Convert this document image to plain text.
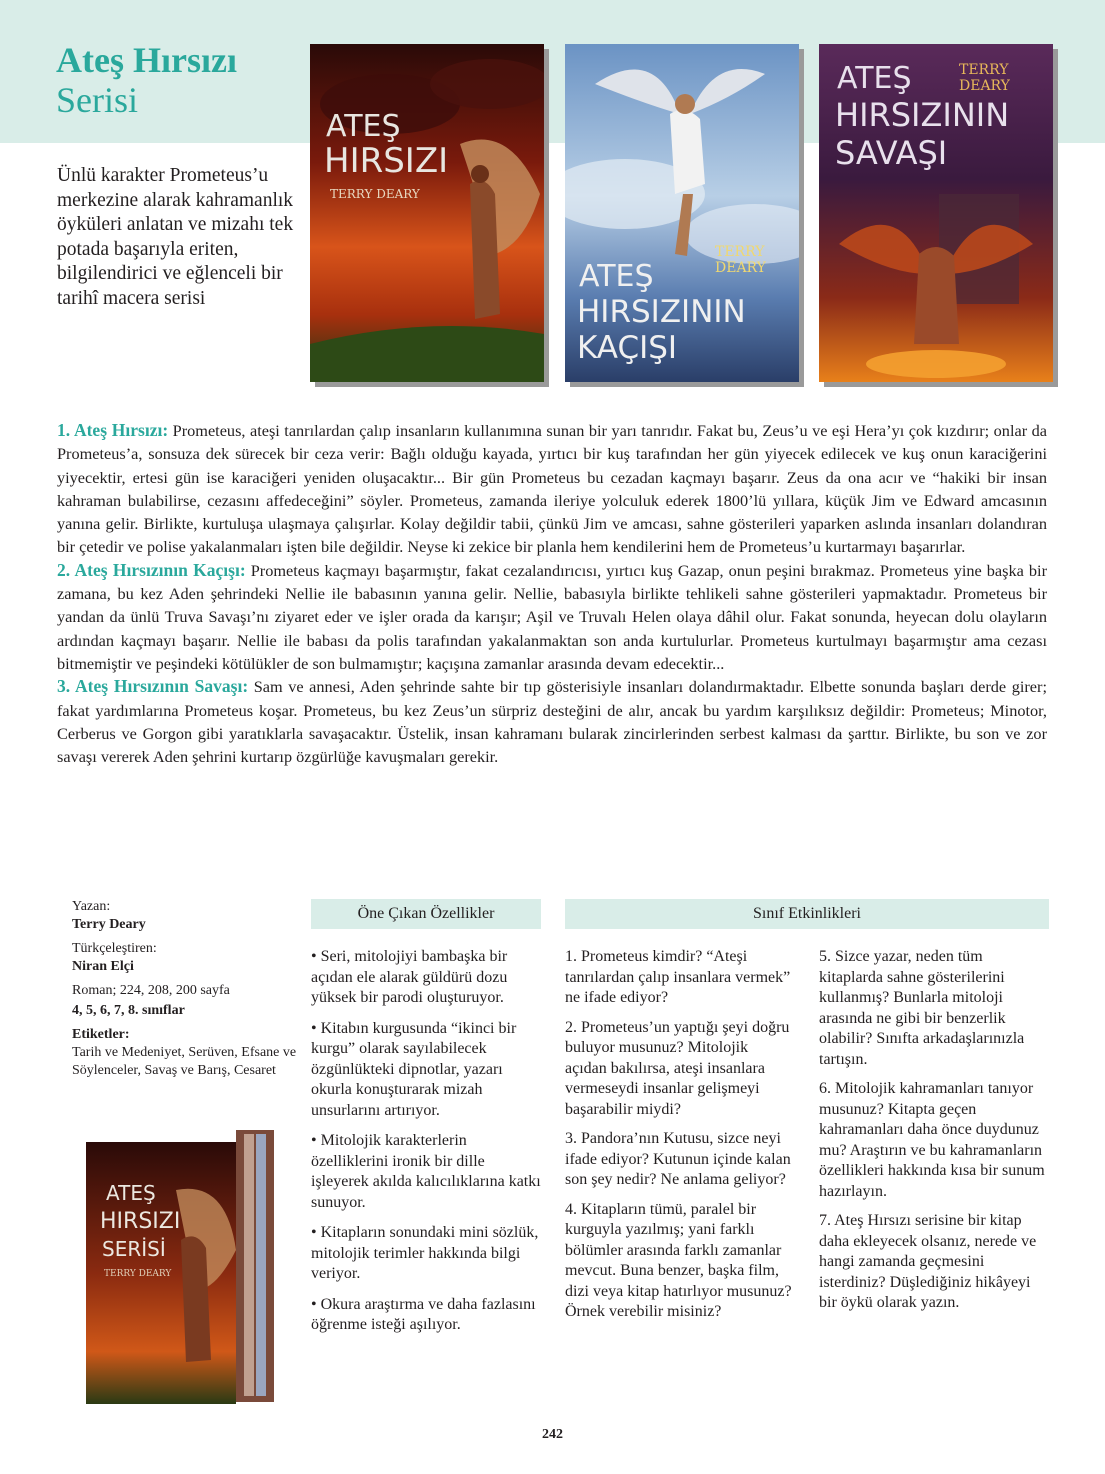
Ateş Hırsızı
Serisi
Ünlü karakter Prometeus’u merkezine alarak kahramanlık öyküleri anlatan ve mizahı tek potada başarıyla eriten, bilgilendirici ve eğlenceli bir tarihî macera serisi
ATEŞ
HIRSIZI
TERRY DEARY
ATEŞ
HIRSIZININ
KAÇIŞI
TERRY
DEARY
ATEŞ
HIRSIZININ
SAVAŞI
TERRY
DEARY

1. Ateş Hırsızı: Prometeus, ateşi tanrılardan çalıp insanların kullanımına sunan bir yarı tanrıdır. Fakat bu, Zeus’u ve eşi Hera’yı çok kızdırır; onlar da Prometeus’a, sonsuza dek sürecek bir ceza verir: Bağlı olduğu kayada, yırtıcı bir kuş tarafından her gün yiyecek edilecek ve kuş onun karaciğerini yiyecektir, ertesi gün ise karaciğeri yeniden oluşacaktır... Bir gün Prometeus bu cezadan kaçmayı başarır. Zeus da ona acır ve “hakiki bir insan kahraman bulabilirse, cezasını affedeceğini” söyler. Prometeus, zamanda ileriye yolculuk ederek 1800’lü yıllara, küçük Jim ve Edward amcasının yanına gelir. Birlikte, kurtuluşa ulaşmaya çalışırlar. Kolay değildir tabii, çünkü Jim ve amcası, sahne gösterileri yaparken aslında insanları dolandıran bir çetedir ve polise yakalanmaları işten bile değildir. Neyse ki zekice bir planla hem kendilerini hem de Prometeus’u kurtarmayı başarırlar.

2. Ateş Hırsızının Kaçışı: Prometeus kaçmayı başarmıştır, fakat cezalandırıcısı, yırtıcı kuş Gazap, onun peşini bırakmaz. Prometeus yine başka bir zamana, bu kez Aden şehrindeki Nellie ile babasının yanına gelir. Nellie, babasıyla birlikte tehlikeli sahne gösterileri yapmaktadır. Prometeus bir yandan da ünlü Truva Savaşı’nı ziyaret eder ve işler orada da karışır; Aşil ve Truvalı Helen olaya dâhil olur. Fakat sonunda, heyecan dolu olayların ardından kaçmayı başarır. Nellie ile babası da polis tarafından yakalanmaktan son anda kurtulurlar. Prometeus kurtulmayı başarmıştır ama cezası bitmemiştir ve peşindeki kötülükler de son bulmamıştır; kaçışına zamanlar arasında devam edecektir...

3. Ateş Hırsızının Savaşı: Sam ve annesi, Aden şehrinde sahte bir tıp gösterisiyle insanları dolandırmaktadır. Elbette sonunda başları derde girer; fakat yardımlarına Prometeus koşar. Prometeus, bu kez Zeus’un sürpriz desteğini de alır, ancak bu yardım karşılıksız değildir: Prometeus; Minotor, Cerberus ve Gorgon gibi yaratıklarla savaşacaktır. Üstelik, insan kahramanı bularak zincirlerinden serbest kalması da şarttır. Birlikte, bu son ve zor savaşı vererek Aden şehrini kurtarıp özgürlüğe kavuşmaları gerekir.

Yazan:
Terry Deary
Türkçeleştiren:
Niran Elçi
Roman; 224, 208, 200 sayfa
4, 5, 6, 7, 8. sınıflar
Etiketler:
Tarih ve Medeniyet, Serüven, Efsane ve Söylenceler, Savaş ve Barış, Cesaret
ATEŞ
HIRSIZI
SERİSİ
TERRY DEARY
Öne Çıkan Özellikler	Sınıf Etkinlikleri
• Seri, mitolojiyi bambaşka bir açıdan ele alarak güldürü dozu yüksek bir parodi oluşturuyor.
• Kitabın kurgusunda “ikinci bir kurgu” olarak sayılabilecek özgünlükteki dipnotlar, yazarı okurla konuşturarak mizah unsurlarını artırıyor.
• Mitolojik karakterlerin özelliklerini ironik bir dille işleyerek akılda kalıcılıklarına katkı sunuyor.
• Kitapların sonundaki mini sözlük, mitolojik terimler hakkında bilgi veriyor.
• Okura araştırma ve daha fazlasını öğrenme isteği aşılıyor.
1. Prometeus kimdir? “Ateşi tanrılardan çalıp insanlara vermek” ne ifade ediyor?
2. Prometeus’un yaptığı şeyi doğru buluyor musunuz? Mitolojik açıdan bakılırsa, ateşi insanlara vermeseydi insanlar gelişmeyi başarabilir miydi?
3. Pandora’nın Kutusu, sizce neyi ifade ediyor? Kutunun içinde kalan son şey nedir? Ne anlama geliyor?
4. Kitapların tümü, paralel bir kurguyla yazılmış; yani farklı bölümler arasında farklı zamanlar mevcut. Buna benzer, başka film, dizi veya kitap hatırlıyor musunuz? Örnek verebilir misiniz?
5. Sizce yazar, neden tüm kitaplarda sahne gösterilerini kullanmış? Bunlarla mitoloji arasında ne gibi bir benzerlik olabilir? Sınıfta arkadaşlarınızla tartışın.
6. Mitolojik kahramanları tanıyor musunuz? Kitapta geçen kahramanları daha önce duydunuz mu? Araştırın ve bu kahramanların özellikleri hakkında kısa bir sunum hazırlayın.
7. Ateş Hırsızı serisine bir kitap daha ekleyecek olsanız, nerede ve hangi zamanda geçmesini isterdiniz? Düşlediğiniz hikâyeyi bir öykü olarak yazın.
242
